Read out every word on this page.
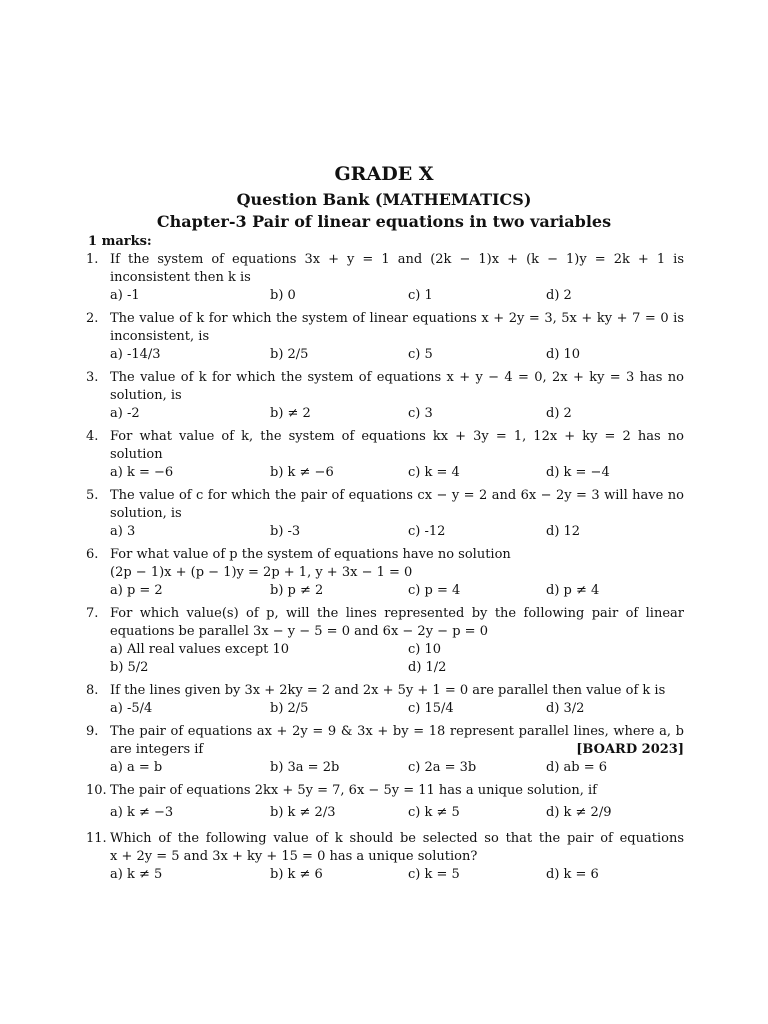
GRADE X
Question Bank (MATHEMATICS)
Chapter-3 Pair of linear equations in two variables
1 marks:
1. If the system of equations 3x + y = 1 and (2k − 1)x + (k − 1)y = 2k + 1 is
inconsistent then k is
a) -1	b) 0	c) 1	d) 2
2. The value of k for which the system of linear equations x + 2y = 3, 5x + ky + 7 = 0 is
inconsistent, is
a) -14/3	b) 2/5	c) 5	d) 10
3. The value of k for which the system of equations x + y − 4 = 0, 2x + ky = 3 has no
solution, is
a) -2	b) ≠ 2	c) 3	d) 2
4. For what value of k, the system of equations kx + 3y = 1, 12x + ky = 2 has no
solution
a) k = −6	b) k ≠ −6	c) k = 4	d) k = −4
5. The value of c for which the pair of equations cx − y = 2 and 6x − 2y = 3 will have no
solution, is
a) 3	b) -3	c) -12	d) 12
6. For what value of p the system of equations have no solution
(2p − 1)x + (p − 1)y = 2p + 1, y + 3x − 1 = 0
a) p = 2	b) p ≠ 2	c) p = 4	d) p ≠ 4
7. For which value(s) of p, will the lines represented by the following pair of linear
equations be parallel 3x − y − 5 = 0 and 6x − 2y − p = 0
a) All real values except 10	c) 10
b) 5/2	d) 1/2
8. If the lines given by 3x + 2ky = 2 and 2x + 5y + 1 = 0 are parallel then value of k is
a) -5/4	b) 2/5	c) 15/4	d) 3/2
9. The pair of equations ax + 2y = 9 & 3x + by = 18 represent parallel lines, where a, b
are integers if	[BOARD 2023]
a) a = b	b) 3a = 2b	c) 2a = 3b	d) ab = 6
10. The pair of equations 2kx + 5y = 7, 6x − 5y = 11 has a unique solution, if
a) k ≠ −3	b) k ≠ 2/3	c) k ≠ 5	d) k ≠ 2/9
11. Which of the following value of k should be selected so that the pair of equations
x + 2y = 5 and 3x + ky + 15 = 0 has a unique solution?
a) k ≠ 5	b) k ≠ 6	c) k = 5	d) k = 6
